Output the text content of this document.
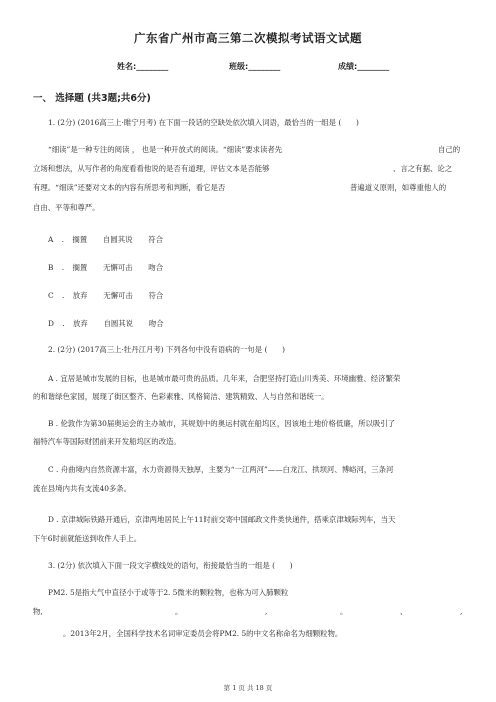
广东省广州市高三第二次模拟考试语文试题
姓名:________	班级:________	成绩:________
一、 选择题 (共3题;共6分)
1. (2分) (2016高三上·睢宁月考) 在下面一段话的空缺处依次填入词语，最恰当的一组是 (　　)
“细读”是一种专注的阅读 ， 也是一种开放式的阅读。“细读”要求读者先	自己的
立场和想法，从写作者的角度看看他说的是否有道理，评估文本是否能够	、言之有据、论之
有理。“细读”还要对文本的内容有所思考和判断，看它是否	普遍道义原则，如尊重他人的
自由、平等和尊严。
A . 搁置　 自圆其说　 符合
B . 搁置　 无懈可击　 吻合
C . 放弃　 无懈可击　 符合
D . 放弃　 自圆其说　 吻合
2. (2分) (2017高三上·牡丹江月考) 下列各句中没有语病的一句是 (　　)
A . 宜居是城市发展的目标，也是城市最可贵的品质。几年来，合肥坚持打造山川秀美、环境幽雅、经济繁荣
的和谐绿色家园，展现了街区整齐、色彩素雅、风格简洁、建筑精致、人与自然和谐统一。
B . 伦敦作为第30届奥运会的主办城市，其规划中的奥运村就在船坞区，因该地土地价格低廉，所以吸引了
福特汽车等国际财团前来开发船坞区的改造。
C . 舟曲境内自然资源丰富，水力资源得天独厚，主要为“一江两河”——白龙江、拱坝河、博峪河，三条河
流在县境内共有支流40多条。
D . 京津城际铁路开通后，京津两地居民上午11时前交寄中国邮政文件类快递件，搭乘京津城际列车，当天
下午6时前就能送到收件人手上。
3. (2分) 依次填入下面一段文字横线处的语句，衔接最恰当的一组是 (　　)
PM2. 5是指大气中直径小于或等于2. 5微米的颗粒物，也称为可入肺颗粒
物,	。	,	。	、	,
。2013年2月，全国科学技术名词审定委员会将PM2. 5的中文名称命名为细颗粒物。
第 1 页 共 18 页
